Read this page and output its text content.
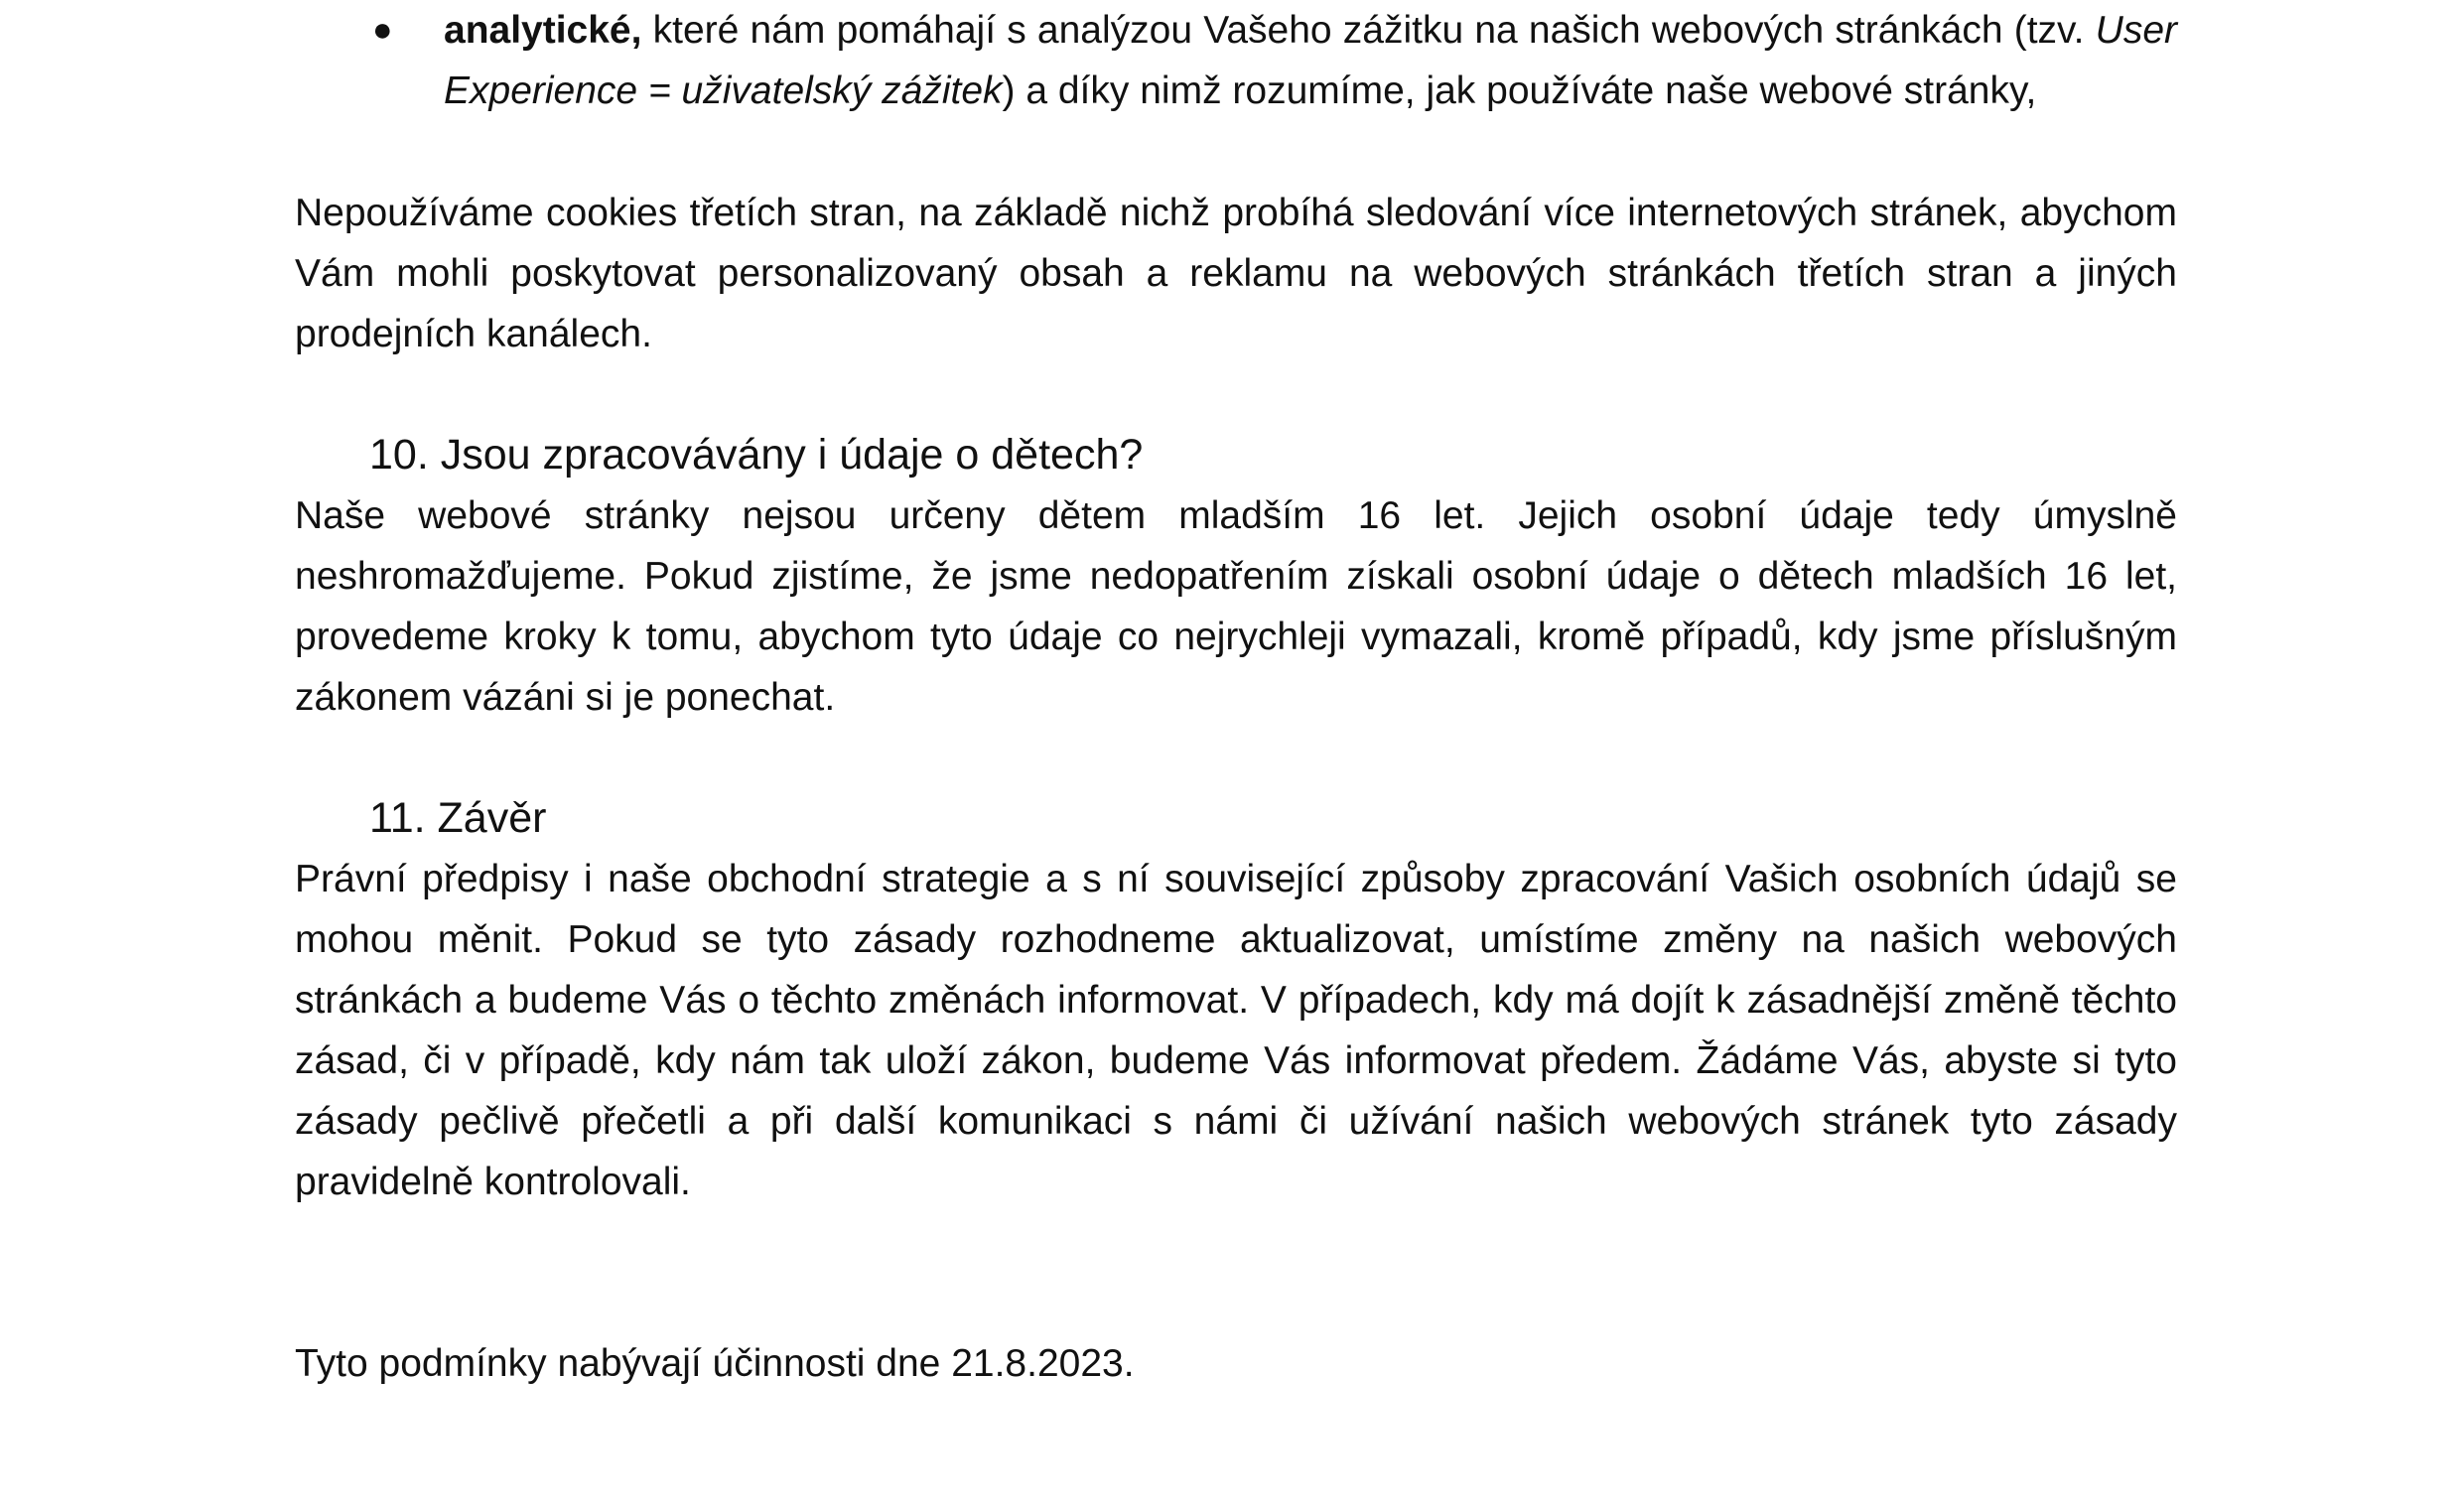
● analytické, které nám pomáhají s analýzou Vašeho zážitku na našich webových stránkách (tzv. User Experience = uživatelský zážitek) a díky nimž rozumíme, jak používáte naše webové stránky,

Nepoužíváme cookies třetích stran, na základě nichž probíhá sledování více internetových stránek, abychom Vám mohli poskytovat personalizovaný obsah a reklamu na webových stránkách třetích stran a jiných prodejních kanálech.

10. Jsou zpracovávány i údaje o dětech?

Naše webové stránky nejsou určeny dětem mladším 16 let. Jejich osobní údaje tedy úmyslně neshromažďujeme. Pokud zjistíme, že jsme nedopatřením získali osobní údaje o dětech mladších 16 let, provedeme kroky k tomu, abychom tyto údaje co nejrychleji vymazali, kromě případů, kdy jsme příslušným zákonem vázáni si je ponechat.

11. Závěr

Právní předpisy i naše obchodní strategie a s ní související způsoby zpracování Vašich osobních údajů se mohou měnit. Pokud se tyto zásady rozhodneme aktualizovat, umístíme změny na našich webových stránkách a budeme Vás o těchto změnách informovat. V případech, kdy má dojít k zásadnější změně těchto zásad, či v případě, kdy nám tak uloží zákon, budeme Vás informovat předem. Žádáme Vás, abyste si tyto zásady pečlivě přečetli a při další komunikaci s námi či užívání našich webových stránek tyto zásady pravidelně kontrolovali.

Tyto podmínky nabývají účinnosti dne 21.8.2023.
